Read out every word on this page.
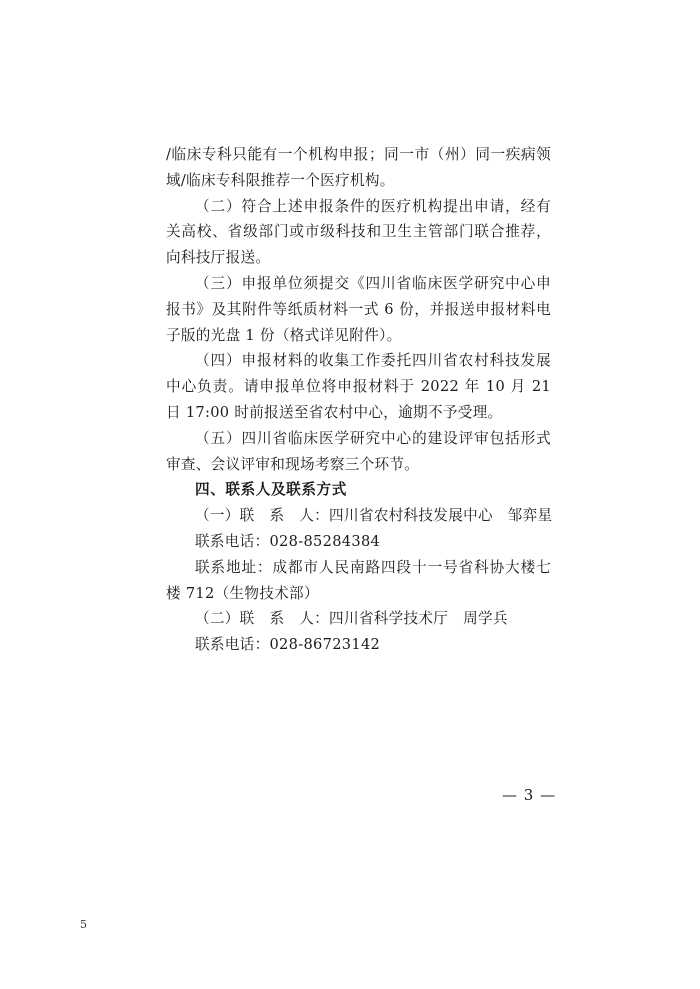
/临床专科只能有一个机构申报；同一市（州）同一疾病领域/临床专科限推荐一个医疗机构。

（二）符合上述申报条件的医疗机构提出申请，经有关高校、省级部门或市级科技和卫生主管部门联合推荐，向科技厅报送。

（三）申报单位须提交《四川省临床医学研究中心申报书》及其附件等纸质材料一式 6 份，并报送申报材料电子版的光盘 1 份（格式详见附件）。

（四）申报材料的收集工作委托四川省农村科技发展中心负责。请申报单位将申报材料于 2022 年 10 月 21 日 17:00 时前报送至省农村中心，逾期不予受理。

（五）四川省临床医学研究中心的建设评审包括形式审查、会议评审和现场考察三个环节。

四、联系人及联系方式

（一）联　系　人：四川省农村科技发展中心　邹弈星

联系电话：028-85284384

联系地址：成都市人民南路四段十一号省科协大楼七楼 712（生物技术部）

（二）联　系　人：四川省科学技术厅　周学兵

联系电话：028-86723142

— 3 —
5
